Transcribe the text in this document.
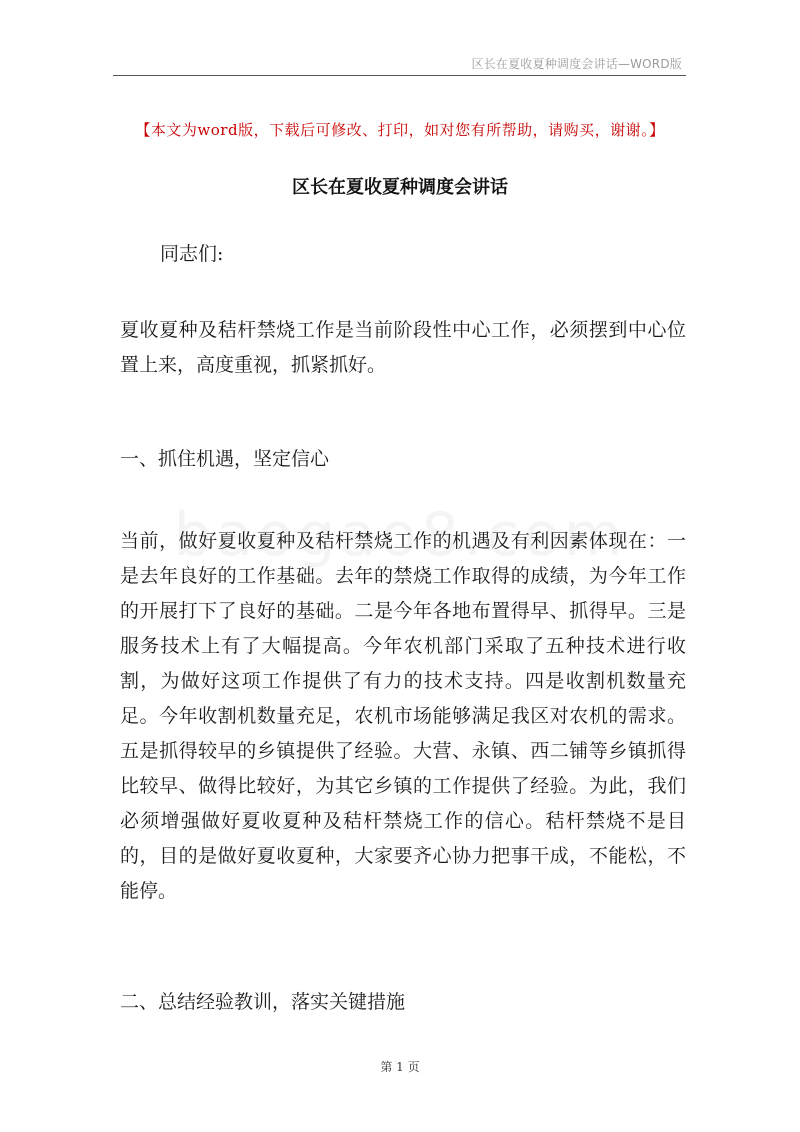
区长在夏收夏种调度会讲话—WORD版
【本文为word版，下载后可修改、打印，如对您有所帮助，请购买，谢谢。】
区长在夏收夏种调度会讲话

同志们:

夏收夏种及秸杆禁烧工作是当前阶段性中心工作，必须摆到中心位置上来，高度重视，抓紧抓好。

一、抓住机遇，坚定信心

当前，做好夏收夏种及秸杆禁烧工作的机遇及有利因素体现在：一是去年良好的工作基础。去年的禁烧工作取得的成绩，为今年工作的开展打下了良好的基础。二是今年各地布置得早、抓得早。三是服务技术上有了大幅提高。今年农机部门采取了五种技术进行收割，为做好这项工作提供了有力的技术支持。四是收割机数量充足。今年收割机数量充足，农机市场能够满足我区对农机的需求。五是抓得较早的乡镇提供了经验。大营、永镇、西二铺等乡镇抓得比较早、做得比较好，为其它乡镇的工作提供了经验。为此，我们必须增强做好夏收夏种及秸杆禁烧工作的信心。秸杆禁烧不是目的，目的是做好夏收夏种，大家要齐心协力把事干成，不能松，不能停。

二、总结经验教训，落实关键措施

第 1 页
